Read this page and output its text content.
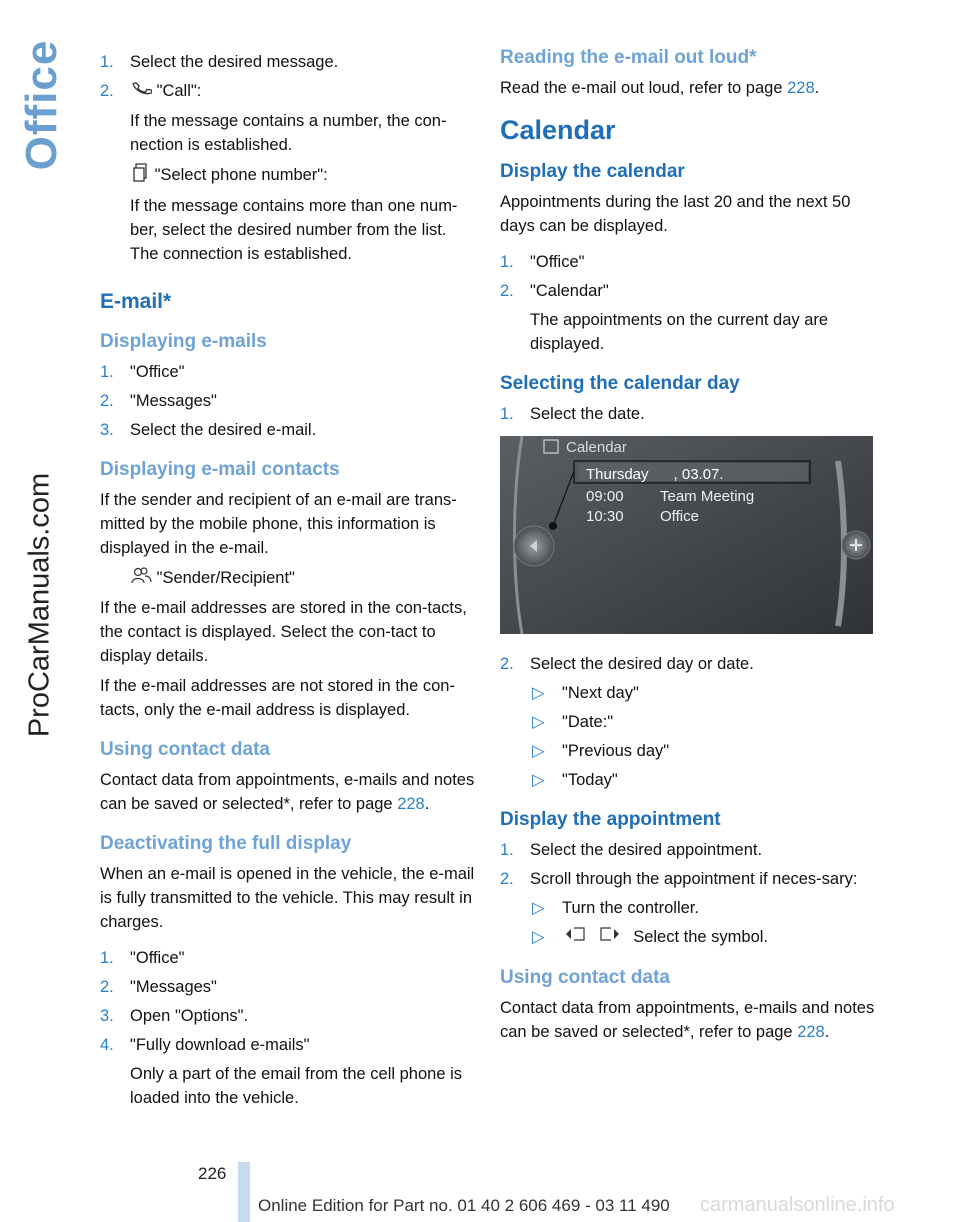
Office
ProCarManuals.com
1. Select the desired message.
2.	"Call":

If the message contains a number, the con-nection is established.

"Select phone number":

If the message contains more than one num-ber, select the desired number from the list. The connection is established.

E-mail*
Displaying e-mails
1. "Office"
2. "Messages"
3. Select the desired e-mail.
Displaying e-mail contacts

If the sender and recipient of an e-mail are trans-mitted by the mobile phone, this information is displayed in the e-mail.

"Sender/Recipient"

If the e-mail addresses are stored in the con-tacts, the contact is displayed. Select the con-tact to display details.

If the e-mail addresses are not stored in the con-tacts, only the e-mail address is displayed.

Using contact data

Contact data from appointments, e-mails and notes can be saved or selected*, refer to page 228.

Deactivating the full display

When an e-mail is opened in the vehicle, the e-mail is fully transmitted to the vehicle. This may result in charges.

1. "Office"
2. "Messages"
3. Open "Options".
4. "Fully download e-mails"

Only a part of the email from the cell phone is loaded into the vehicle.

Reading the e-mail out loud*

Read the e-mail out loud, refer to page 228.

Calendar
Display the calendar

Appointments during the last 20 and the next 50 days can be displayed.

1. "Office"
2. "Calendar"

The appointments on the current day are displayed.

Selecting the calendar day
1. Select the date.
Calendar
Thursday      , 03.07.
09:00 Team Meeting
10:30 Office
2. Select the desired day or date.
▷ "Next day"
▷ "Date:"
▷ "Previous day"
▷ "Today"
Display the appointment
1. Select the desired appointment.
2. Scroll through the appointment if neces-sary:
▷ Turn the controller.
▷	Select the symbol.
Using contact data

Contact data from appointments, e-mails and notes can be saved or selected*, refer to page 228.

226
Online Edition for Part no. 01 40 2 606 469 - 03 11 490 carmanualsonline.info
